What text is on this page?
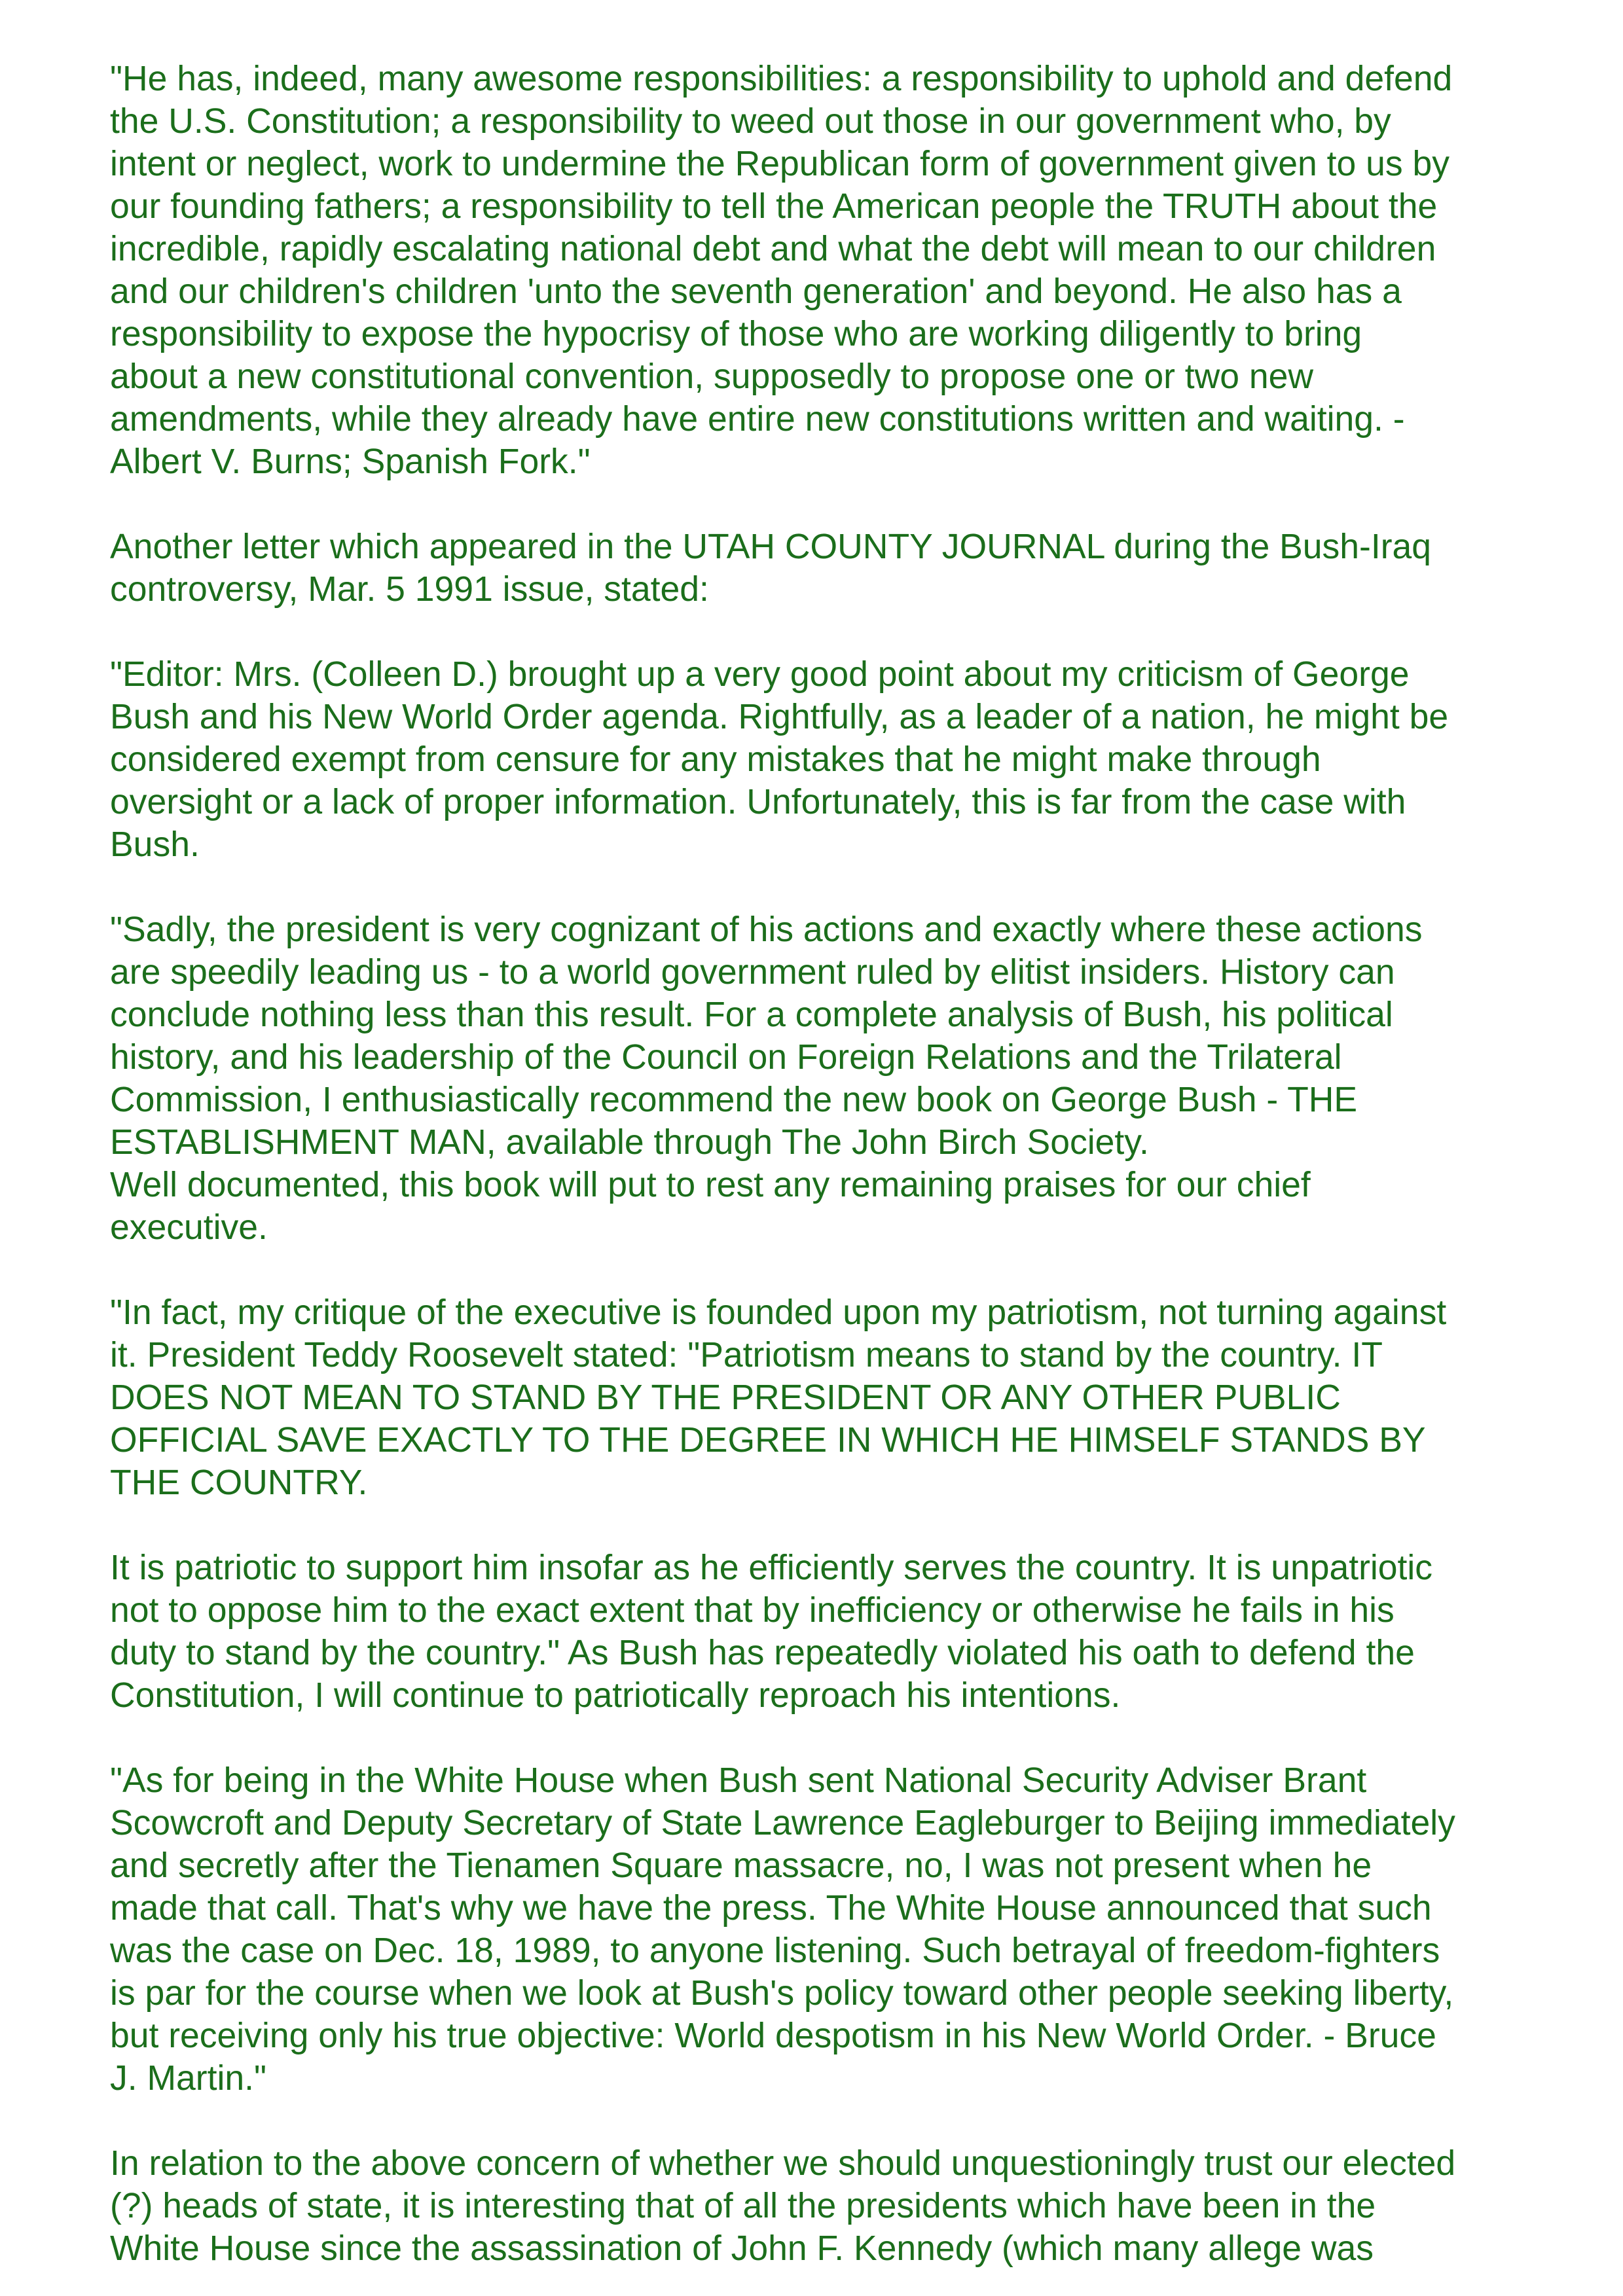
"He has, indeed, many awesome responsibilities: a responsibility to uphold and defend
the U.S. Constitution; a responsibility to weed out those in our government who, by
intent or neglect, work to undermine the Republican form of government given to us by
our founding fathers; a responsibility to tell the American people the TRUTH about the
incredible, rapidly escalating national debt and what the debt will mean to our children
and our children's children 'unto the seventh generation' and beyond. He also has a
responsibility to expose the hypocrisy of those who are working diligently to bring
about a new constitutional convention, supposedly to propose one or two new
amendments, while they already have entire new constitutions written and waiting. -
Albert V. Burns; Spanish Fork."
Another letter which appeared in the UTAH COUNTY JOURNAL during the Bush-Iraq
controversy, Mar. 5 1991 issue, stated:
"Editor: Mrs. (Colleen D.) brought up a very good point about my criticism of George
Bush and his New World Order agenda. Rightfully, as a leader of a nation, he might be
considered exempt from censure for any mistakes that he might make through
oversight or a lack of proper information. Unfortunately, this is far from the case with
Bush.
"Sadly, the president is very cognizant of his actions and exactly where these actions
are speedily leading us - to a world government ruled by elitist insiders. History can
conclude nothing less than this result. For a complete analysis of Bush, his political
history, and his leadership of the Council on Foreign Relations and the Trilateral
Commission, I enthusiastically recommend the new book on George Bush - THE
ESTABLISHMENT MAN, available through The John Birch Society.
Well documented, this book will put to rest any remaining praises for our chief
executive.
"In fact, my critique of the executive is founded upon my patriotism, not turning against
it. President Teddy Roosevelt stated: "Patriotism means to stand by the country. IT
DOES NOT MEAN TO STAND BY THE PRESIDENT OR ANY OTHER PUBLIC
OFFICIAL SAVE EXACTLY TO THE DEGREE IN WHICH HE HIMSELF STANDS BY
THE COUNTRY.
It is patriotic to support him insofar as he efficiently serves the country. It is unpatriotic
not to oppose him to the exact extent that by inefficiency or otherwise he fails in his
duty to stand by the country." As Bush has repeatedly violated his oath to defend the
Constitution, I will continue to patriotically reproach his intentions.
"As for being in the White House when Bush sent National Security Adviser Brant
Scowcroft and Deputy Secretary of State Lawrence Eagleburger to Beijing immediately
and secretly after the Tienamen Square massacre, no, I was not present when he
made that call. That's why we have the press. The White House announced that such
was the case on Dec. 18, 1989, to anyone listening. Such betrayal of freedom-fighters
is par for the course when we look at Bush's policy toward other people seeking liberty,
but receiving only his true objective: World despotism in his New World Order. - Bruce
J. Martin."
In relation to the above concern of whether we should unquestioningly trust our elected
(?) heads of state, it is interesting that of all the presidents which have been in the
White House since the assassination of John F. Kennedy (which many allege was
